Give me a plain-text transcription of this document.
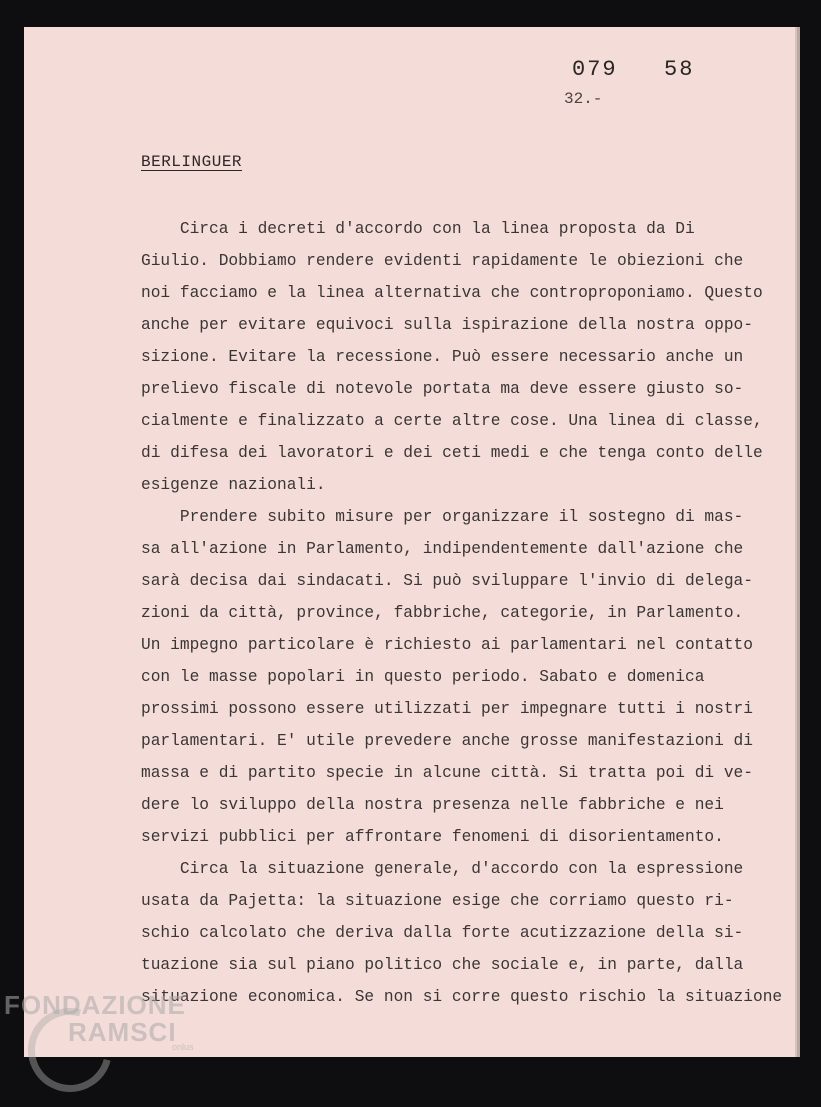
079 58
32.-
BERLINGUER
Circa i decreti d'accordo con la linea proposta da Di
Giulio. Dobbiamo rendere evidenti rapidamente le obiezioni che
noi facciamo e la linea alternativa che controproponiamo. Questo
anche per evitare equivoci sulla ispirazione della nostra oppo-
sizione. Evitare la recessione. Può essere necessario anche un
prelievo fiscale di notevole portata ma deve essere giusto so-
cialmente e finalizzato a certe altre cose. Una linea di classe,
di difesa dei lavoratori e dei ceti medi e che tenga conto delle
esigenze nazionali.
Prendere subito misure per organizzare il sostegno di mas-
sa all'azione in Parlamento, indipendentemente dall'azione che
sarà decisa dai sindacati. Si può sviluppare l'invio di delega-
zioni da città, province, fabbriche, categorie, in Parlamento.
Un impegno particolare è richiesto ai parlamentari nel contatto
con le masse popolari in questo periodo. Sabato e domenica
prossimi possono essere utilizzati per impegnare tutti i nostri
parlamentari. E' utile prevedere anche grosse manifestazioni di
massa e di partito specie in alcune città. Si tratta poi di ve-
dere lo sviluppo della nostra presenza nelle fabbriche e nei
servizi pubblici per affrontare fenomeni di disorientamento.
Circa la situazione generale, d'accordo con la espressione
usata da Pajetta: la situazione esige che corriamo questo ri-
schio calcolato che deriva dalla forte acutizzazione della si-
tuazione sia sul piano politico che sociale e, in parte, dalla
situazione economica. Se non si corre questo rischio la situazione
FONDAZIONE
RAMSCI
onlus
